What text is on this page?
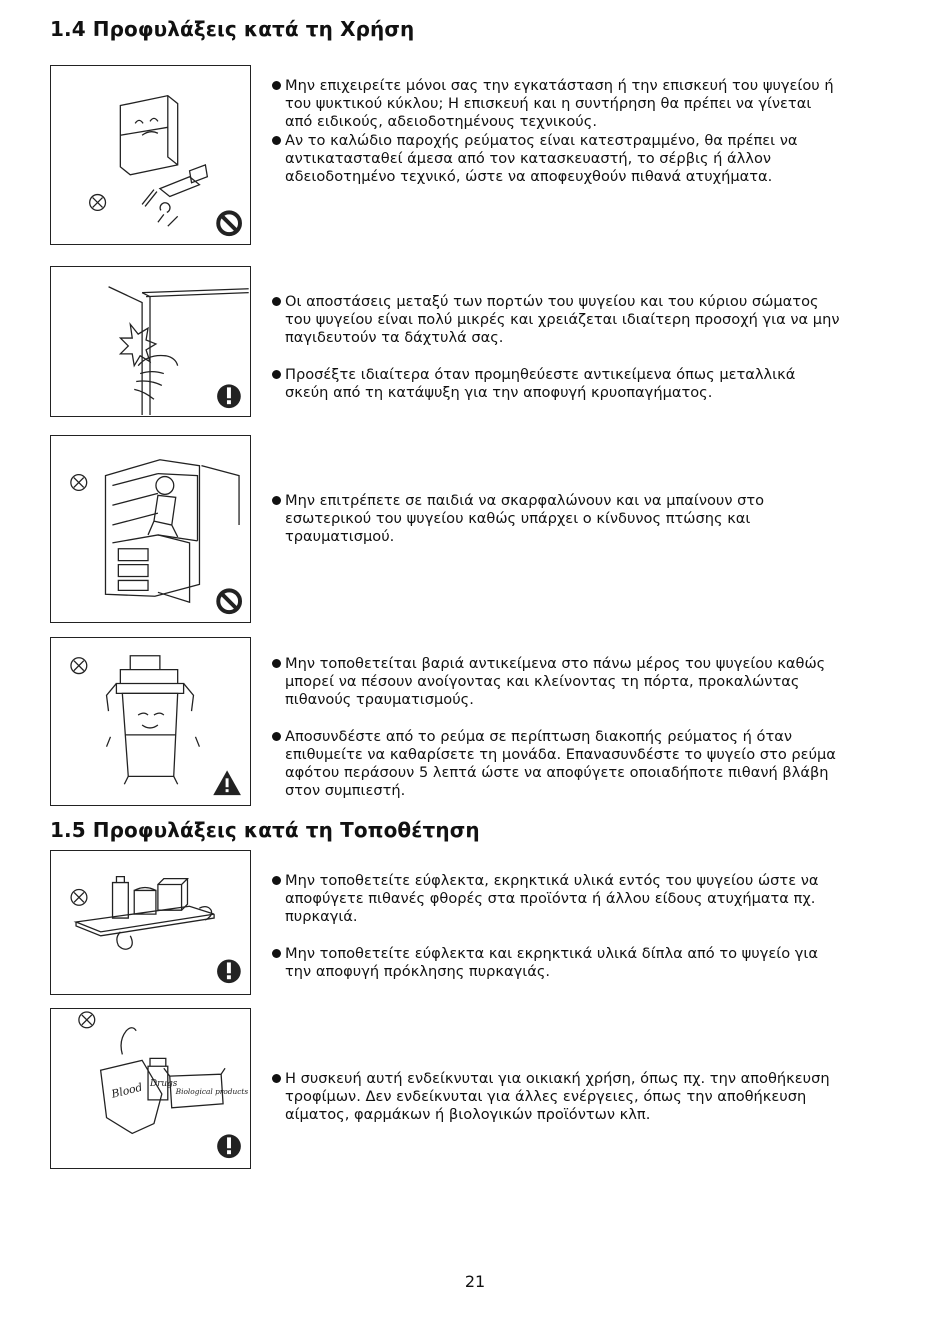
1.4 Προφυλάξεις κατά τη Χρήση
Μην επιχειρείτε μόνοι σας την εγκατάσταση ή την επισκευή του ψυγείου ή του ψυκτικού κύκλου; Η επισκευή και η συντήρηση θα πρέπει να γίνεται από ειδικούς, αδειοδοτημένους τεχνικούς.
Αν το καλώδιο παροχής ρεύματος είναι κατεστραμμένο, θα πρέπει να αντικατασταθεί άμεσα από τον κατασκευαστή, το σέρβις ή άλλον αδειοδοτημένο τεχνικό, ώστε να αποφευχθούν πιθανά ατυχήματα.
Οι αποστάσεις μεταξύ των πορτών του ψυγείου και του κύριου σώματος του ψυγείου είναι πολύ μικρές και χρειάζεται ιδιαίτερη προσοχή για να μην παγιδευτούν τα δάχτυλά σας.
Προσέξτε ιδιαίτερα όταν προμηθεύεστε αντικείμενα όπως μεταλλικά σκεύη από τη κατάψυξη για την αποφυγή κρυοπαγήματος.
Μην επιτρέπετε σε παιδιά να σκαρφαλώνουν και να μπαίνουν στο εσωτερικού του ψυγείου καθώς υπάρχει ο κίνδυνος πτώσης και τραυματισμού.
Μην τοποθετείται βαριά αντικείμενα στο πάνω μέρος του ψυγείου καθώς μπορεί να πέσουν ανοίγοντας και κλείνοντας τη πόρτα, προκαλώντας πιθανούς τραυματισμούς.
Αποσυνδέστε από το ρεύμα σε περίπτωση διακοπής ρεύματος ή όταν επιθυμείτε να καθαρίσετε τη μονάδα. Επανασυνδέστε το ψυγείο στο ρεύμα αφότου περάσουν 5 λεπτά ώστε να αποφύγετε οποιαδήποτε πιθανή βλάβη στον συμπιεστή.
1.5 Προφυλάξεις κατά τη Τοποθέτηση
Μην τοποθετείτε εύφλεκτα, εκρηκτικά υλικά εντός του ψυγείου ώστε να αποφύγετε πιθανές φθορές στα προϊόντα ή άλλου είδους ατυχήματα πχ. πυρκαγιά.
Μην τοποθετείτε εύφλεκτα και εκρηκτικά υλικά δίπλα από το ψυγείο για την αποφυγή πρόκλησης πυρκαγιάς.
Blood Drugs
Biological products
Η συσκευή αυτή ενδείκνυται για οικιακή χρήση, όπως πχ. την αποθήκευση τροφίμων. Δεν ενδείκνυται για άλλες ενέργειες, όπως την αποθήκευση αίματος, φαρμάκων ή βιολογικών προϊόντων κλπ.
21
